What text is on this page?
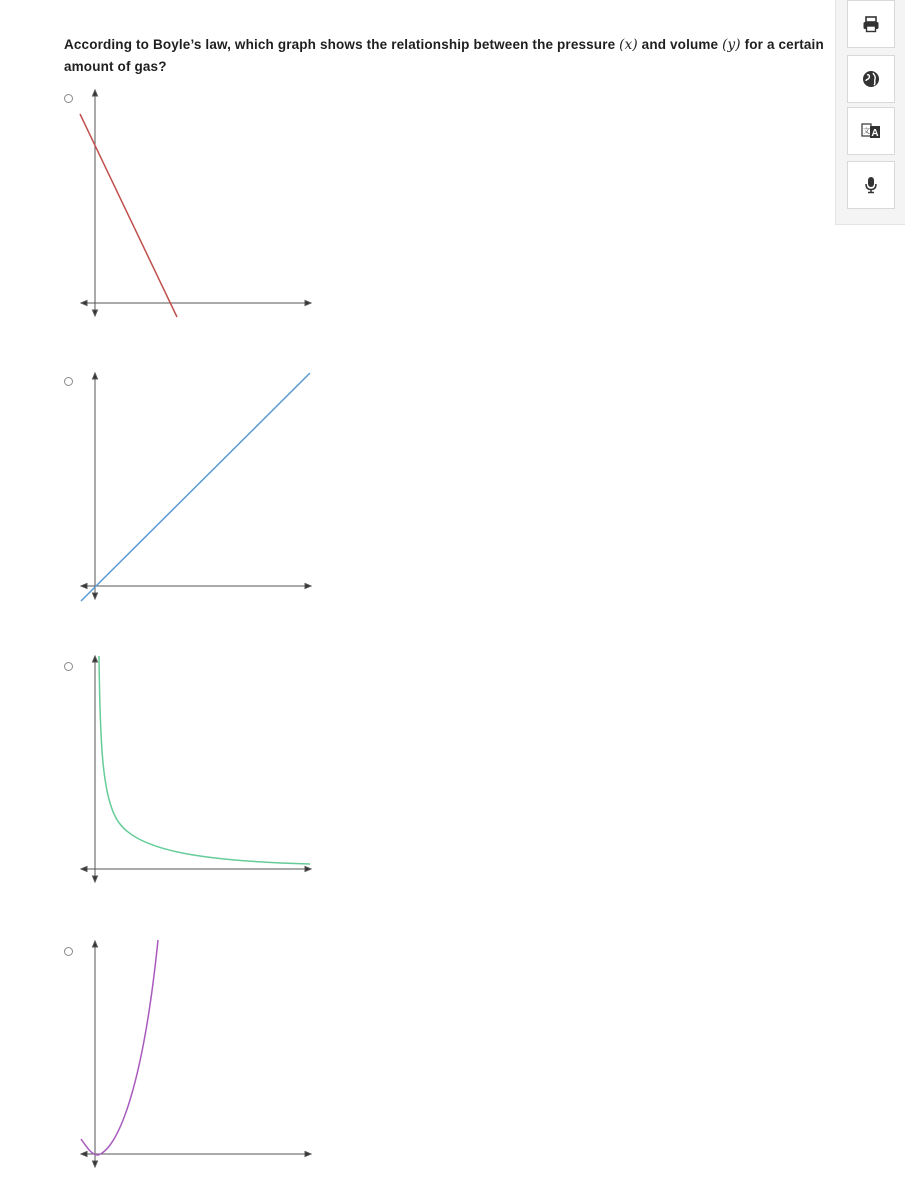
According to Boyle’s law, which graph shows the relationship between the pressure (x) and volume (y) for a certain amount of gas?
A
文
